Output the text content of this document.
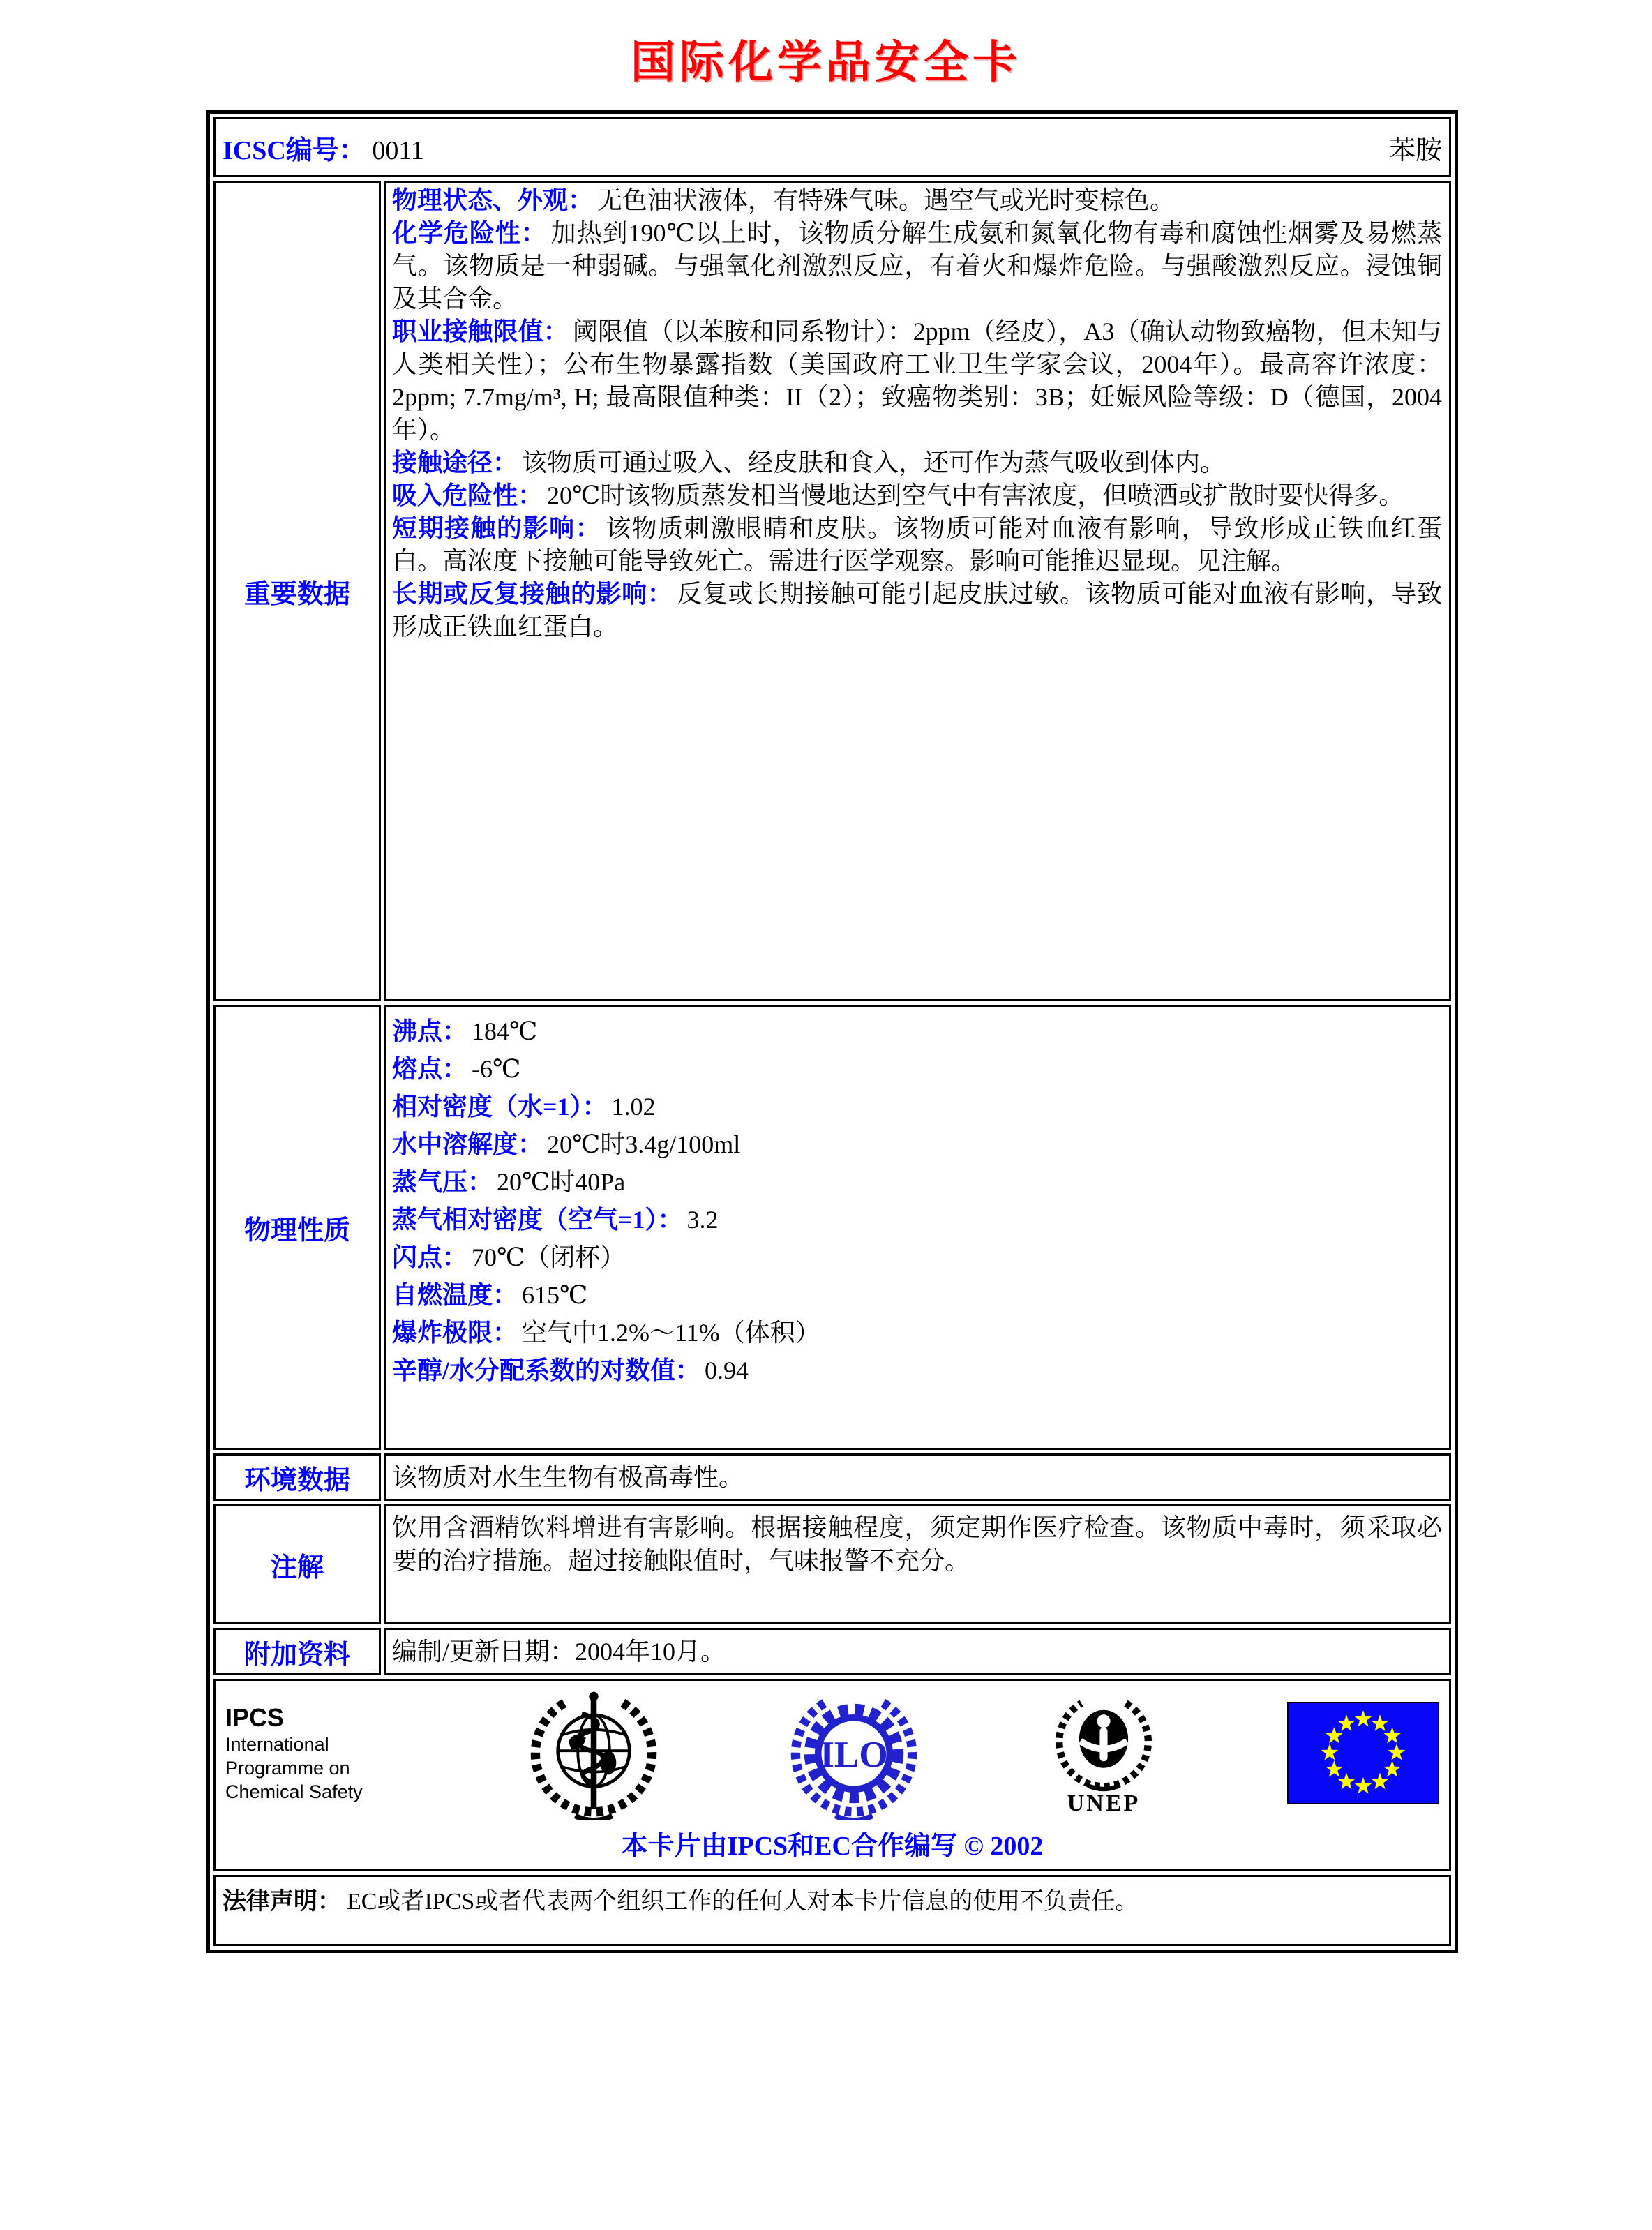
国际化学品安全卡
ICSC编号： 0011	苯胺
重要数据

物理状态、外观： 无色油状液体，有特殊气味。遇空气或光时变棕色。

化学危险性： 加热到190℃以上时，该物质分解生成氨和氮氧化物有毒和腐蚀性烟雾及易燃蒸气。该物质是一种弱碱。与强氧化剂激烈反应，有着火和爆炸危险。与强酸激烈反应。浸蚀铜及其合金。

职业接触限值： 阈限值（以苯胺和同系物计）：2ppm（经皮），A3（确认动物致癌物，但未知与人类相关性）；公布生物暴露指数（美国政府工业卫生学家会议，2004年）。最高容许浓度：2ppm; 7.7mg/m³, H; 最高限值种类：II（2）；致癌物类别：3B；妊娠风险等级：D（德国，2004年）。

接触途径： 该物质可通过吸入、经皮肤和食入，还可作为蒸气吸收到体内。

吸入危险性： 20℃时该物质蒸发相当慢地达到空气中有害浓度，但喷洒或扩散时要快得多。

短期接触的影响： 该物质刺激眼睛和皮肤。该物质可能对血液有影响，导致形成正铁血红蛋白。高浓度下接触可能导致死亡。需进行医学观察。影响可能推迟显现。见注解。

长期或反复接触的影响： 反复或长期接触可能引起皮肤过敏。该物质可能对血液有影响，导致形成正铁血红蛋白。

物理性质
沸点： 184℃
熔点： -6℃
相对密度（水=1）： 1.02
水中溶解度： 20℃时3.4g/100ml
蒸气压： 20℃时40Pa
蒸气相对密度（空气=1）： 3.2
闪点： 70℃（闭杯）
自燃温度： 615℃
爆炸极限： 空气中1.2%～11%（体积）
辛醇/水分配系数的对数值： 0.94
环境数据 该物质对水生生物有极高毒性。
注解

饮用含酒精饮料增进有害影响。根据接触程度，须定期作医疗检查。该物质中毒时，须采取必要的治疗措施。超过接触限值时，气味报警不充分。

附加资料 编制/更新日期：2004年10月。
IPCS
International
Programme on
Chemical Safety
ILO
UNEP
本卡片由IPCS和EC合作编写 © 2002
法律声明： EC或者IPCS或者代表两个组织工作的任何人对本卡片信息的使用不负责任。
